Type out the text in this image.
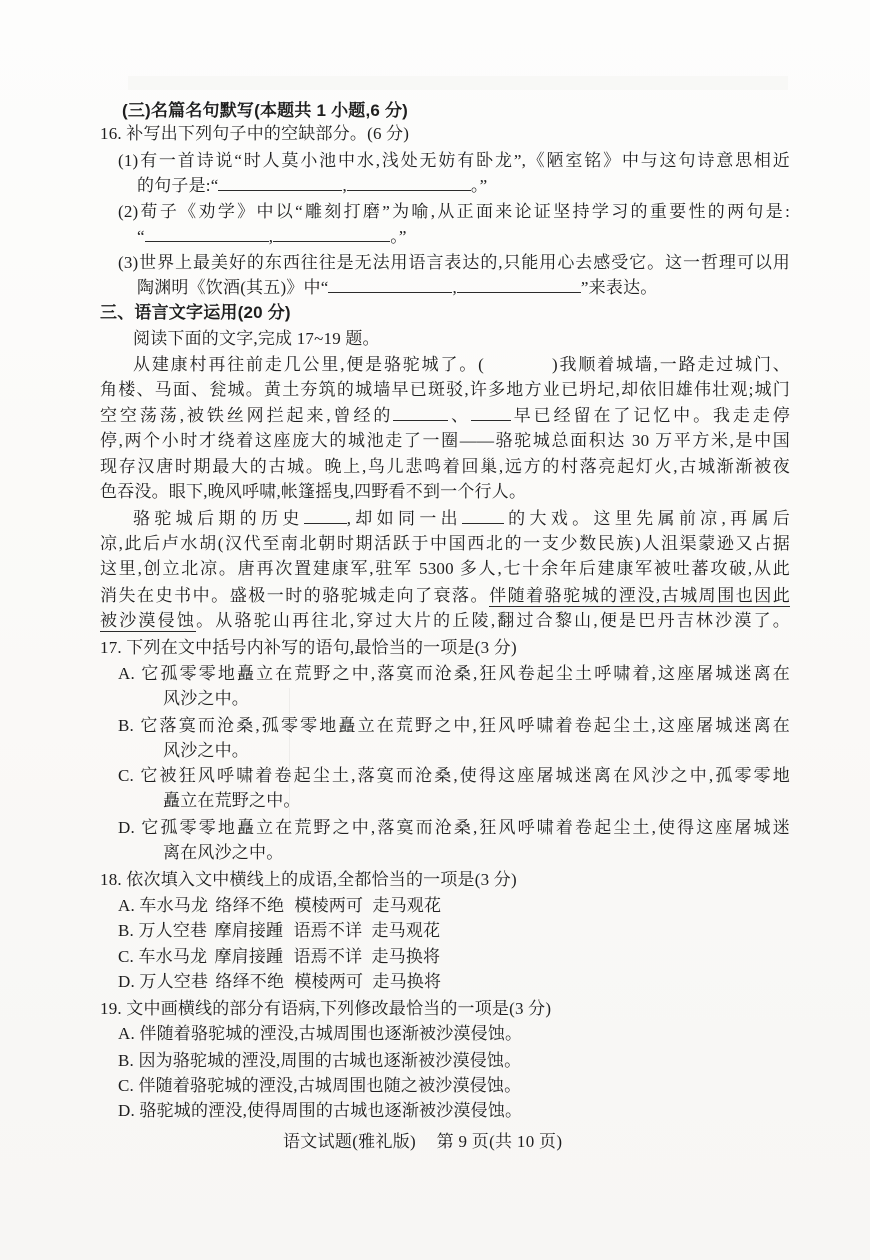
(三)名篇名句默写(本题共 1 小题,6 分)
16. 补写出下列句子中的空缺部分。(6 分)
(1)有一首诗说“时人莫小池中水,浅处无妨有卧龙”,《陋室铭》中与这句诗意思相近
的句子是:“	,	。”
(2)荀子《劝学》中以“雕刻打磨”为喻,从正面来论证坚持学习的重要性的两句是:
“	,	。”
(3)世界上最美好的东西往往是无法用语言表达的,只能用心去感受它。这一哲理可以用
陶渊明《饮酒(其五)》中“	,	”来表达。
三、语言文字运用(20 分)
阅读下面的文字,完成 17~19 题。
从建康村再往前走几公里,便是骆驼城了。(	)我顺着城墙,一路走过城门、
角楼、马面、瓮城。黄土夯筑的城墙早已斑驳,许多地方业已坍圮,却依旧雄伟壮观;城门
空空荡荡,被铁丝网拦起来,曾经的	、 早已经留在了记忆中。我走走停
停,两个小时才绕着这座庞大的城池走了一圈——骆驼城总面积达 30 万平方米,是中国
现存汉唐时期最大的古城。晚上,鸟儿悲鸣着回巢,远方的村落亮起灯火,古城渐渐被夜
色吞没。眼下,晚风呼啸,帐篷摇曳,四野看不到一个行人。
骆驼城后期的历史	,却如同一出 的大戏。这里先属前凉,再属后
凉,此后卢水胡(汉代至南北朝时期活跃于中国西北的一支少数民族)人沮渠蒙逊又占据
这里,创立北凉。唐再次置建康军,驻军 5300 多人,七十余年后建康军被吐蕃攻破,从此
消失在史书中。盛极一时的骆驼城走向了衰落。伴随着骆驼城的湮没,古城周围也因此
被沙漠侵蚀。从骆驼山再往北,穿过大片的丘陵,翻过合黎山,便是巴丹吉林沙漠了。
17. 下列在文中括号内补写的语句,最恰当的一项是(3 分)
A. 它孤零零地矗立在荒野之中,落寞而沧桑,狂风卷起尘土呼啸着,这座屠城迷离在
风沙之中。
B. 它落寞而沧桑,孤零零地矗立在荒野之中,狂风呼啸着卷起尘土,这座屠城迷离在
风沙之中。
C. 它被狂风呼啸着卷起尘土,落寞而沧桑,使得这座屠城迷离在风沙之中,孤零零地
矗立在荒野之中。
D. 它孤零零地矗立在荒野之中,落寞而沧桑,狂风呼啸着卷起尘土,使得这座屠城迷
离在风沙之中。
18. 依次填入文中横线上的成语,全都恰当的一项是(3 分)
A. 车水马龙 络绎不绝 模棱两可 走马观花
B. 万人空巷 摩肩接踵 语焉不详 走马观花
C. 车水马龙 摩肩接踵 语焉不详 走马换将
D. 万人空巷 络绎不绝 模棱两可 走马换将
19. 文中画横线的部分有语病,下列修改最恰当的一项是(3 分)
A. 伴随着骆驼城的湮没,古城周围也逐渐被沙漠侵蚀。
B. 因为骆驼城的湮没,周围的古城也逐渐被沙漠侵蚀。
C. 伴随着骆驼城的湮没,古城周围也随之被沙漠侵蚀。
D. 骆驼城的湮没,使得周围的古城也逐渐被沙漠侵蚀。
语文试题(雅礼版) 第 9 页(共 10 页)
